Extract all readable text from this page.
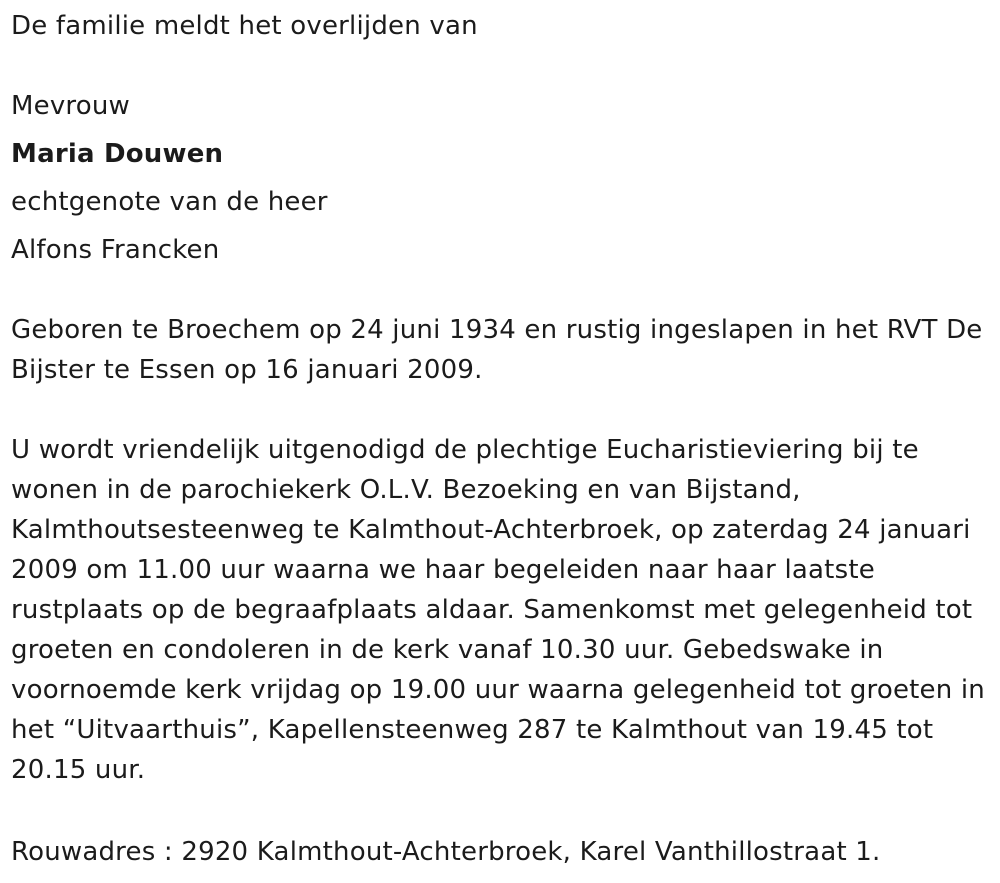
De familie meldt het overlijden van

Mevrouw

Maria Douwen

echtgenote van de heer

Alfons Francken

Geboren te Broechem op 24 juni 1934 en rustig ingeslapen in het RVT De Bijster te Essen op 16 januari 2009.

U wordt vriendelijk uitgenodigd de plechtige Eucharistieviering bij te wonen in de parochiekerk O.L.V. Bezoeking en van Bijstand, Kalmthoutsesteenweg te Kalmthout-Achterbroek, op zaterdag 24 januari 2009 om 11.00 uur waarna we haar begeleiden naar haar laatste rustplaats op de begraafplaats aldaar. Samenkomst met gelegenheid tot groeten en condoleren in de kerk vanaf 10.30 uur. Gebedswake in voornoemde kerk vrijdag op 19.00 uur waarna gelegenheid tot groeten in het “Uitvaarthuis”, Kapellensteenweg 287 te Kalmthout van 19.45 tot 20.15 uur.

Rouwadres : 2920 Kalmthout-Achterbroek, Karel Vanthillostraat 1.
